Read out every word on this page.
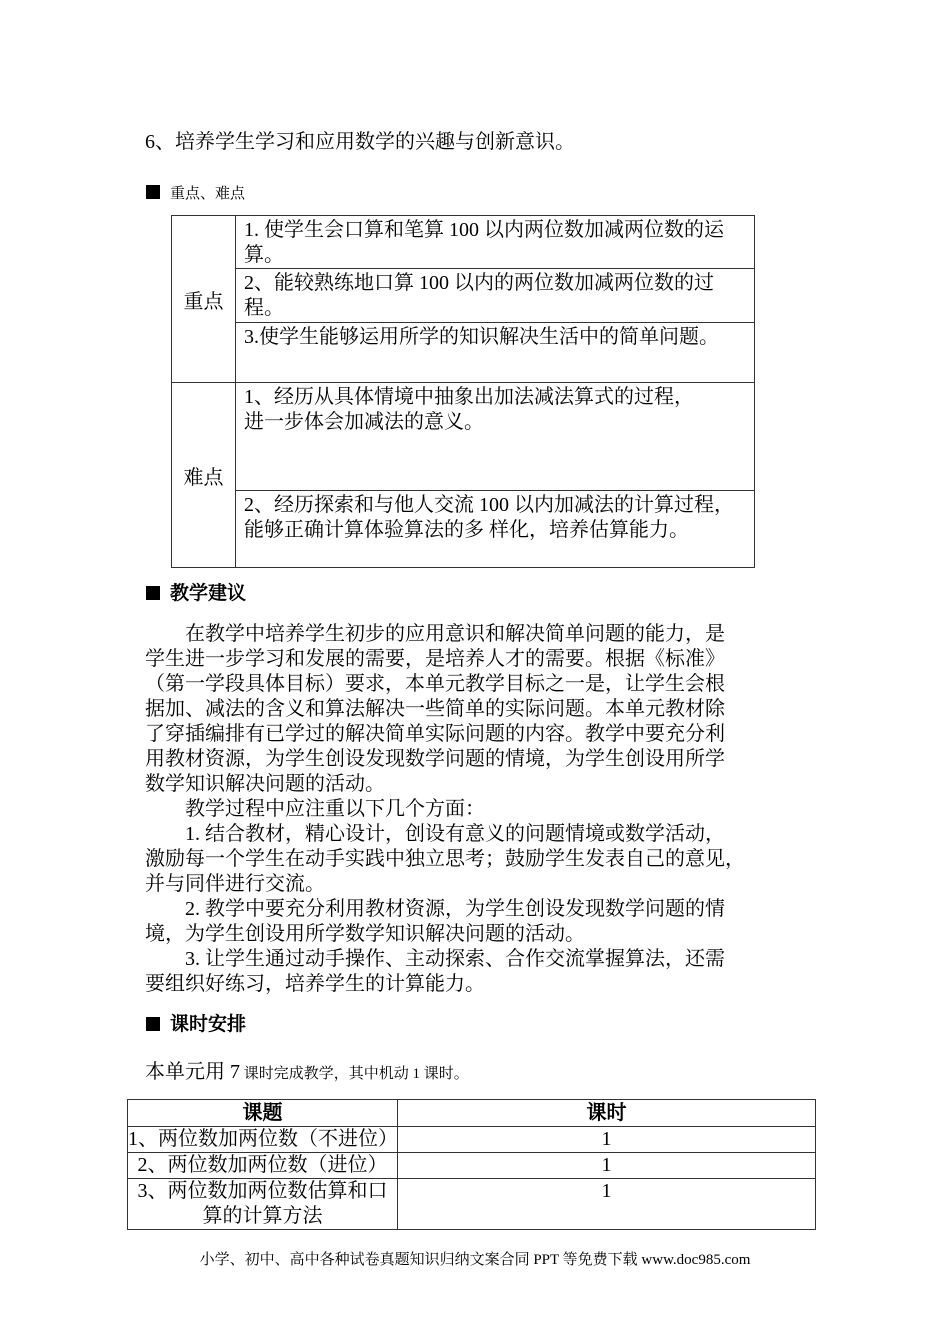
6、培养学生学习和应用数学的兴趣与创新意识。
重点、难点
重点	1. 使学生会口算和笔算 100 以内两位数加减两位数的运算。
	2、能较熟练地口算 100 以内的两位数加减两位数的过程。
	3.使学生能够运用所学的知识解决生活中的简单问题。
难点	1、经历从具体情境中抽象出加法减法算式的过程，进一步体会加减法的意义。
	2、经历探索和与他人交流 100 以内加减法的计算过程，能够正确计算体验算法的多 样化，培养估算能力。
教学建议
　　在教学中培养学生初步的应用意识和解决简单问题的能力，是
学生进一步学习和发展的需要，是培养人才的需要。根据《标准》
（第一学段具体目标）要求，本单元教学目标之一是，让学生会根
据加、减法的含义和算法解决一些简单的实际问题。本单元教材除
了穿插编排有已学过的解决简单实际问题的内容。教学中要充分利
用教材资源，为学生创设发现数学问题的情境，为学生创设用所学
数学知识解决问题的活动。
　　教学过程中应注重以下几个方面：
　　1. 结合教材，精心设计，创设有意义的问题情境或数学活动，
激励每一个学生在动手实践中独立思考；鼓励学生发表自己的意见，
并与同伴进行交流。
　　2. 教学中要充分利用教材资源，为学生创设发现数学问题的情
境，为学生创设用所学数学知识解决问题的活动。
　　3. 让学生通过动手操作、主动探索、合作交流掌握算法，还需
要组织好练习，培养学生的计算能力。
课时安排
本单元用 7 课时完成教学，其中机动 1 课时。
课题	课时
1、两位数加两位数（不进位）	1
2、两位数加两位数（进位）	1
3、两位数加两位数估算和口算的计算方法	1
小学、初中、高中各种试卷真题知识归纳文案合同 PPT 等免费下载 www.doc985.com
